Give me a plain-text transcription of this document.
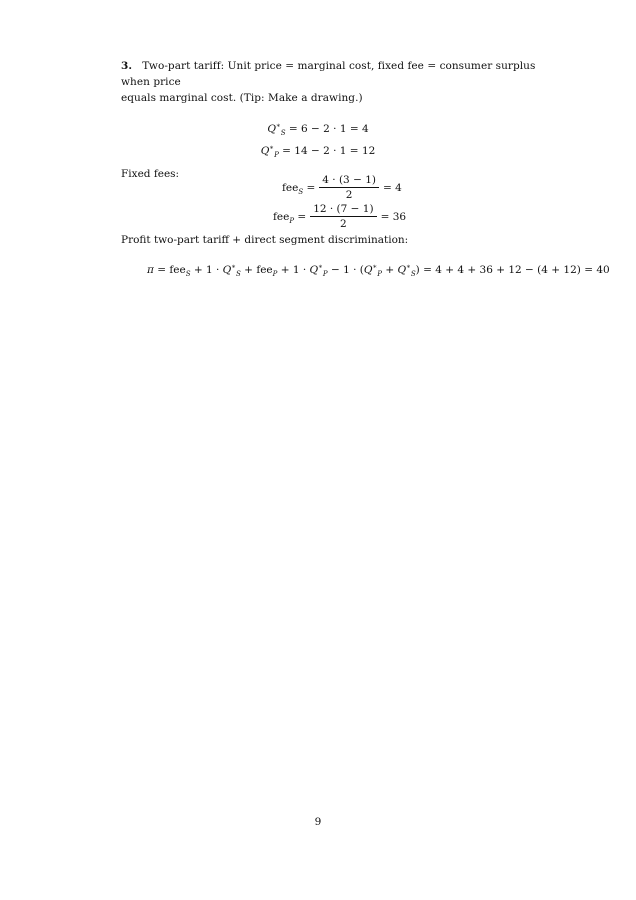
3. Two-part tariff: Unit price = marginal cost, fixed fee = consumer surplus when price
equals marginal cost. (Tip: Make a drawing.)
$Q^∗_S = 6 - 2 \cdot 1 = 4$
$Q^∗_P = 14 - 2 \cdot 1 = 12$
Fixed fees:
$fee_S = \frac{4 \cdot (3 - 1)}{2} = 4$
$fee_P = \frac{12 \cdot (7 - 1)}{2} = 36$
Profit two-part tariff + direct segment discrimination:
$\pi = fee_S + 1 \cdot Q^∗_S + fee_P + 1 \cdot Q^∗_P - 1 \cdot (Q^∗_P + Q^∗_S) = 4 + 4 + 36 + 12 - (4 + 12) = 40$
9
